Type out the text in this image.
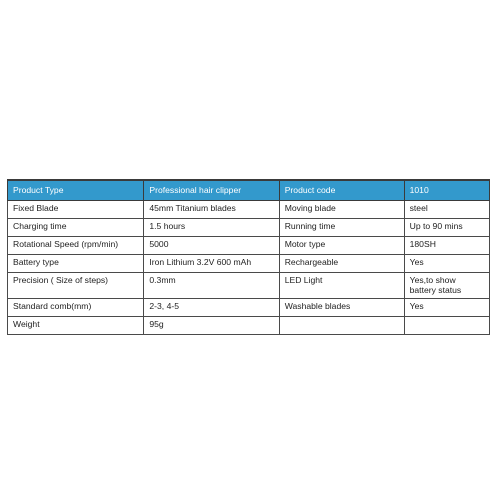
Product Type	Professional hair clipper	Product code	1010
Fixed Blade	45mm Titanium blades	Moving blade	steel
Charging time	1.5 hours	Running time	Up to 90 mins
Rotational Speed (rpm/min)	5000	Motor type	180SH
Battery type	Iron Lithium 3.2V 600 mAh	Rechargeable	Yes
Precision ( Size of steps)	0.3mm	LED Light	Yes,to show battery status
Standard comb(mm)	2-3, 4-5	Washable blades	Yes
Weight	95g		
